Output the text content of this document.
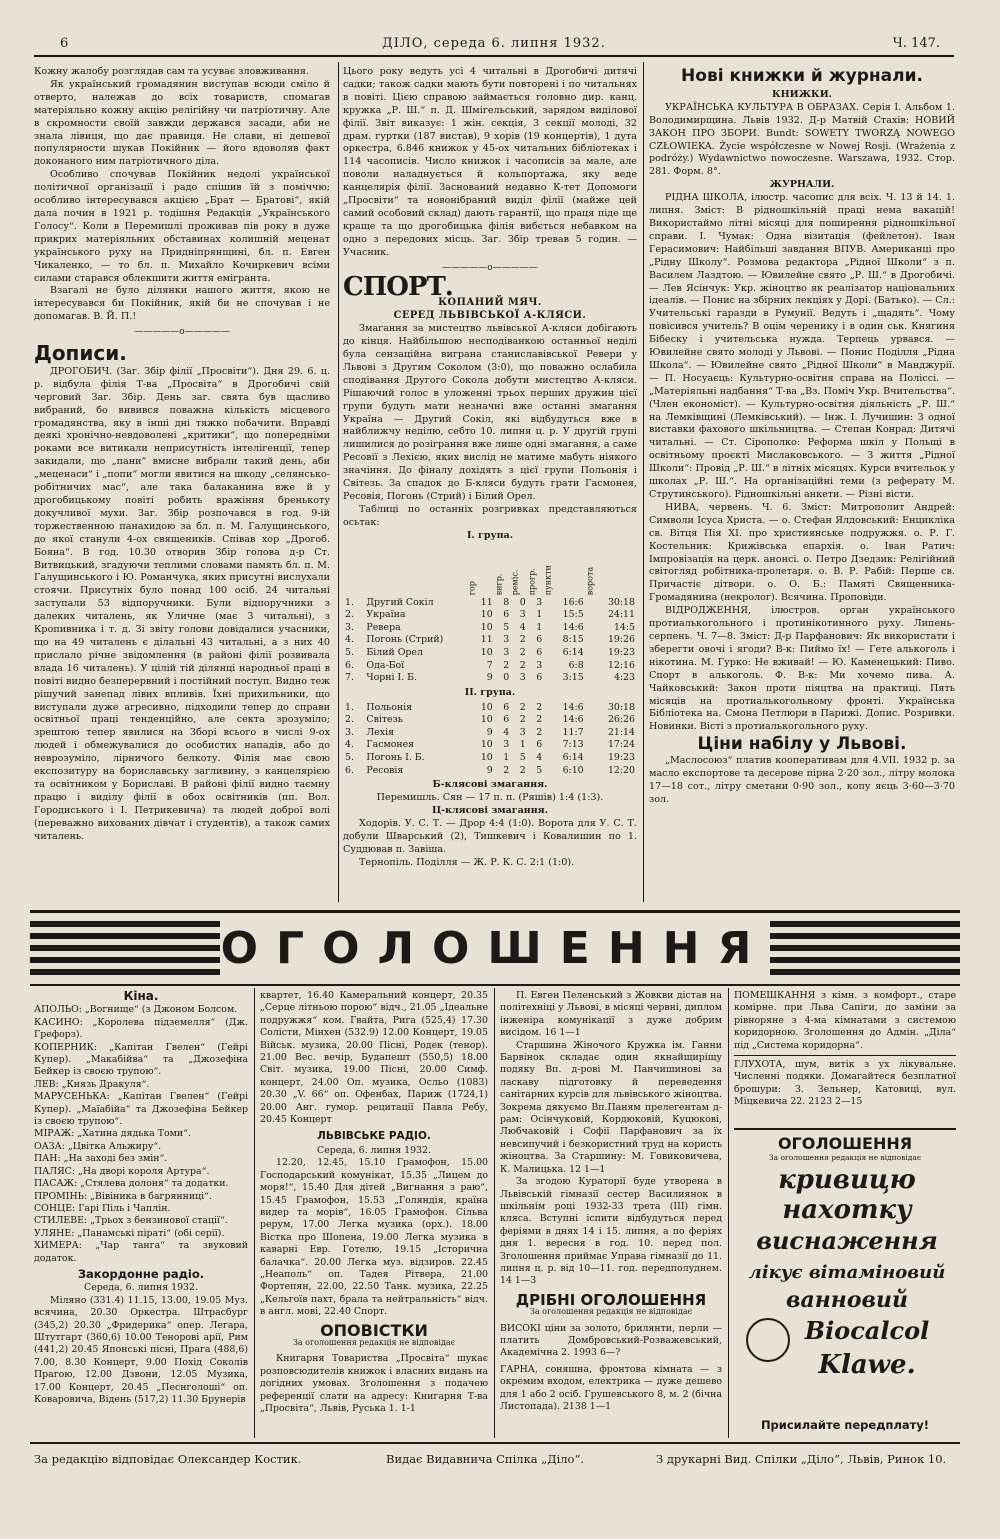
6	ДІЛО, середа 6. липня 1932.	Ч. 147.

Кожну жалобу розглядав сам та усуває зловживання.

Як український громадянин виступав всюди сміло й отверто, належав до всіх товариств, спомагав матеріяльно кожну акцію релігійну чи патріотичну. Але в скромности своїй завжди держався засади, аби не знала лівиця, що дає правиця. Не слави, ні дешевої популярности шукав Покійник — його вдоволяв факт доконаного ним патріотичного діла.

Особливо спочував Покійник недолі української політичної організації і радо спішив їй з поміччю; особливо інтересувався акцією „Брат — Братові“, якій дала почин в 1921 р. тодішня Редакція „Українського Голосу“. Коли в Перемишлі проживав пів року в дуже прикрих матеріяльних обставинах колишній меценат українського руху на Придніпрянщині, бл. п. Евген Чикаленко, — то бл. п. Михайло Кочиркевич всіми силами старався облекшити життя емігранта.

Взагалі не було ділянки нашого життя, якою не інтересувався би Покійник, якій би не спочував і не допомагав. В. Й. П.!

—————о—————
Дописи.

ДРОГОБИЧ. (Заг. Збір філії „Просвіти“). Дня 29. 6. ц. р. відбула філія Т-ва „Просвіта“ в Дрогобичі свій черговий Заг. Збір. День заг. свята був щасливо вибраний, бо вивився поважна кількість місцевого громадянства, яку в інші дні тяжко побачити. Вправді деякі хронічно-невдоволені „критики“, що попередніми роками все витикали неприсутність інтелігенції, тепер закидали, що „пани“ вмисне вибрали такий день, аби „меценаси“ і „попи“ могли явитися на шкоду „селянсько-робітничих мас“, але така балаканина вже й у дрогобицькому повіті робить вражіння бренькоту докучливої мухи. Заг. Збір розпочався в год. 9-ій торжественною панахидою за бл. п. М. Галущинського, до якої станули 4-ох священиків. Співав хор „Дрогоб. Бояна“. В год. 10.30 отворив Збір голова д-р Ст. Витвицький, згадуючи теплими словами память бл. п. М. Галущинського і Ю. Романчука, яких присутні вислухали стоячи. Присутніх було понад 100 осіб. 24 читальні заступали 53 відпоручники. Були відпоручники з далеких читалень, як Уличне (має 3 читальні), з Кропивника і т. д. Зі звіту голови довідалися учасники, що на 49 читалень є ділальні 43 читальні, а з них 40 прислало річне звідомлення (в районі філії розвивала влада 16 читалень). У цілій тій ділянці народньої праці в повіті видно безперервний і постійний поступ. Видно теж рішучий занепад лівих впливів. Їхні прихильники, що виступали дуже агресивно, підходили тепер до справи освітньої праці тенденційно, але секта зрозуміло; зрештою тепер явилися на Зборі всього в числі 9-ох людей і обмежувалися до особистих нападів, або до неврозуміло, лірничого белкоту. Філія має свою експозитуру на бориславську загливину, з канцелярією та освітником у Бориславі. В районі філії видно таємну працю і виділу філії в обох освітників (пп. Вол. Городиського і І. Петрикевича) та людей доброї волі (переважно вихованих дівчат і студентів), а також самих читалень.

Цього року ведуть усі 4 читальні в Дрогобичі дитячі садки; також садки мають бути повторені і по читальнях в повіті. Цією справою займається головно дир. канц. кружка „Р. Ш.“ п. Д. Шмігельський, зарядом виділової філії. Звіт виказує: 1 жін. секція, 3 секції молоді, 32 драм. гуртки (187 вистав), 9 хорів (19 концертів), 1 дута оркестра, 6.846 книжок у 45-ох читальних бібліотеках і 114 часописів. Число книжок і часописів за мале, але поволи наладнується й кольпортажа, яку веде канцелярія філії. Заснований недавно К-тет Допомоги „Просвіти“ та новонібраний виділ філії (майже цей самий особовий склад) дають гарантії, що праця піде ще краще та що дрогобицька філія вибється небавком на одно з передових місць. Заг. Збір тревав 5 годин. — Учасник.

—————о—————
СПОРТ.

КОПАНИЙ МЯЧ.

СЕРЕД ЛЬВІВСЬКОЇ А-КЛЯСИ.

Змагання за мистецтво львівської А-кляси добігають до кінця. Найбільшою несподіванкою останньої неділі була сензаційна виграна станиславівської Ревери у Львові з Другим Соколом (3:0), що поважно ослабила сподівання Другого Сокола добути мистецтво А-кляси. Рішаючий голос в уложенні трьох перших дружин цієї групи будуть мати незначні вже останні змагання Україна — Другий Сокіл, які відбудуться вже в найближчу неділю, себто 10. липня ц. р. У другій групі лишилися до розіграння вже лише одні змагання, а саме Ресовії з Лехією, яких вислід не матиме мабуть ніякого значіння. До фіналу дохідять з цієї групи Польонія і Світезь. За спадок до Б-кляси будуть грати Гасмонея, Ресовія, Погонь (Стрий) і Білий Орел.

Таблиці по останніх розгривках представляються осьтак:

І. група.
		гор	вигр.	реміс.	прогр.	пункти	ворота
1.	Другий Сокіл	11	8	0	3	16:6	30:18
2.	Україна	10	6	3	1	15:5	24:11
3.	Ревера	10	5	4	1	14:6	14:5
4.	Погонь (Стрий)	11	3	2	6	8:15	19:26
5.	Білий Орел	10	3	2	6	6:14	19:23
6.	Ода-Бої	7	2	2	3	6:8	12:16
7.	Чорні І. Б.	9	0	3	6	3:15	4:23
ІІ. група.
1.	Польонія	10	6	2	2	14:6	30:18
2.	Світезь	10	6	2	2	14:6	26:26
3.	Лехія	9	4	3	2	11:7	21:14
4.	Гасмонея	10	3	1	6	7:13	17:24
5.	Погонь І. Б.	10	1	5	4	6:14	19:23
6.	Ресовія	9	2	2	5	6:10	12:20
Б-клясові змагання.

Перемишль. Сян — 17 п. п. (Ряшів) 1:4 (1:3).

Ц-клясові змагання.

Ходорів. У. С. Т. — Дрор 4:4 (1:0). Ворота для У. С. Т. добули Шварський (2), Тишкевич і Ковалишин по 1. Суддював п. Завіша.

Тернопіль. Поділля — Ж. Р. К. С. 2:1 (1:0).

Нові книжки й журнали.
КНИЖКИ.

УКРАЇНСЬКА КУЛЬТУРА В ОБРАЗАХ. Серія І. Альбом 1. Володимирщина. Львів 1932. Д-р Матвій Стахів: НОВИЙ ЗАКОН ПРО ЗБОРИ. Bundt: SOWETY TWORZĄ NOWEGO CZŁOWIEKA. Życie współczesne w Nowej Rosji. (Wrażenia z podróży.) Wydawnictwo nowoczesne. Warszawa, 1932. Стор. 281. Форм. 8°.

ЖУРНАЛИ.

РІДНА ШКОЛА, ілюстр. часопис для всіх. Ч. 13 й 14. 1. липня. Зміст: В рідношкільній праці нема вакацій! Використаймо літні місяці для поширення рідношкільної справи. І. Чумак: Одна візитація (фейлетон). Іван Герасимович: Найбільші завдання ВПУВ. Американці про „Рідну Школу“. Розмова редактора „Рідної Школи“ з п. Василем Лаздтою. — Ювилейне свято „Р. Ш.“ в Дрогобичі. — Лев Ясінчук: Укр. жіноцтво як реалізатор національних ідеалів. — Понис на збірних лекціях у Дорі. (Батько). — Сл.: Учительські гаразди в Румунії. Ведуть і „щадять“. Чому повісився учитель? В оцім черенику і в один ськ. Княгиня Бібеску і учительська нужда. Терпець урвався. — Ювилейне свято молоді у Львові. — Понис Поділля „Рідна Школа“. — Ювилейне свято „Рідної Школи“ в Манджурії. — П. Носуаєць: Культурно-освітня справа на Поліссі. — „Матеріяльні надбання“ Т-ва „Вз. Поміч Укр. Вчительства“. (Член економіст). — Культурно-освітня діяльність „Р. Ш.“ на Лемківщині (Лемківський). — Інж. І. Лучишин: З одної виставки фахового шкільництва. — Степан Конрад: Дитячі читальні. — Ст. Сірополко: Реформа шкіл у Польщі в освітньому проєкті Мислаковського. — З життя „Рідної Школи“: Провід „Р. Ш.“ в літніх місяцях. Курси вчительок у школах „Р. Ш.“. На організаційні теми (з реферату М. Струтинського). Рідношкільні анкети. — Різні вісти.

НИВА, червень. Ч. 6. Зміст: Митрополит Андрей: Символи Ісуса Христа. — о. Стефан Ялдовський: Енцикліка св. Вітця Пія ХІ. про християнське подружжя. о. Р. Г. Костельник: Крижівська епархія. о. Іван Ратич: Імпровізація на церк. анонсі. о. Петро Дзедзик: Релігійний світогляд робітника-пролетаря. о. В. Р. Рабій: Перше св. Причастіє дітвори. о. О. Б.: Памяті Священника-Громадянина (некролог). Всячина. Проповіди.

ВІДРОДЖЕННЯ, ілюстров. орган українського протиалькогольного і протинікотинного руху. Липень-серпень. Ч. 7—8. Зміст: Д-р Парфанович: Як використати і зберегти овочі і ягоди? В-к: Пиймо їх! — Гете алькоголь і нікотина. М. Гурко: Не вживай! — Ю. Каменецький: Пиво. Спорт в алькоголь. Ф. В-к: Ми хочемо пива. А. Чайковський: Закон проти піяцтва на практиці. Пять місяців на протиалькогольному фронті. Українська Бібліотека на. Смона Петлюри в Парижі. Допис. Розривки. Новинки. Вісті з протиалькогольного руху.

Ціни набілу у Львові.

„Маслосоюз“ платив кооперативам для 4.VII. 1932 р. за масло експортове та десерове пірна 2·20 зол., літру молока 17—18 сот., літру сметани 0·90 зол., копу яєць 3·60—3·70 зол.

ОГОЛОШЕННЯ
Кіна.
АПОЛЬО: „Вогнище“ (з Джоном Болсом.
КАСИНО: „Королева підземелля“ (Дж. Грефорз).
КОПЕРНИК: „Капітан Гвелен“ (Гейрі Купер). „Макабійва“ та „Джозефіна Бейкер із своєю трупою“.
ЛЕВ: „Князь Дракуля“.
МАРУСЕНЬКА: „Капітан Гвелен“ (Гейрі Купер). „Маїабійа“ та Джозефіна Бейкер із своєю трупою“.
МІРАЖ: „Хатинa дядька Томи“.
ОАЗА: „Цвітка Альжиру“.
ПАН: „На заході без змін“.
ПАЛЯС: „На дворі короля Артура“.
ПАСАЖ: „Стялева долоня“ та додатки.
ПРОМІНЬ: „Вівіника в багрянниці“.
СОНЦЕ: Гарі Піль і Чаплін.
СТИЛЕВЕ: „Трьох з бензинової стації“.
УЛЯНЕ: „Панамські піраті“ (обі серії).
ХИМЕРА: „Чар танга“ та звуковий додаток.
Закордонне радіо.
Середа, 6. липня 1932.

Міляно (331.4) 11.15, 13.00, 19.05 Муз. всячина, 20.30 Оркестра. Штрасбург (345,2) 20.30 „Фридерика“ опер. Легара, Штутгарт (360,6) 10.00 Тенорові арії, Рим (441,2) 20.45 Японські пісні, Прага (488,6) 7.00, 8.30 Концерт, 9.00 Похід Соколів Прагою, 12.00 Дзвони, 12.05 Музика, 17.00 Концерт, 20.45 „Песнголоші“ оп. Коваровича, Відень (517,2) 11.30 Брунерів

квартет, 16.40 Камеральний концерт, 20.35 „Серце літньою порою“ відч., 21.05 „Ідеальне подружжя“ ком. Гвайта, Рига (525,4) 17.30 Солісти, Мінхен (532.9) 12.00 Концерт, 19.05 Військ. музика, 20.00 Пісні, Родек (тенор). 21.00 Вес. вечір, Будапешт (550,5) 18.00 Світ. музика, 19.00 Пісні, 20.00 Симф. концерт, 24.00 Оп. музика, Осльо (1083) 20.30 „V. 66“ оп. Офенбах, Париж (1724,1) 20.00 Анг. гумор. рецитації Павла Ребу, 20.45 Концерт

ЛЬВІВСЬКЕ РАДІО.
Середа, 6. липня 1932.

12.20, 12.45, 15.10 Грамофон, 15.00 Господарський комунікат, 15.35 „Лицем до моря!“, 15.40 Для дітей „Вигнання з раю“, 15.45 Грамофон, 15.53 „Голяндія, країна видер та морів“, 16.05 Грамофон. Сільва рерум, 17.00 Легка музика (орх.). 18.00 Вістка про Шопена, 19.00 Легка музика в каварні Евр. Готелю, 19.15 „Історична балачка“. 20.00 Легка муз. відзиров. 22.45 „Неаполь“ оп. Тадея Рітвера, 21.00 Фортепян, 22.00, 22.50 Танк. музика, 22.25 „Кельгоїв пахт, брала та нейтральність“ відч. в англ. мові, 22.40 Спорт.

ОПОВІСТКИ
За оголошення редакція не відповідає

Книгарня Товариства „Просвіта“ шукає розповсюдителів книжок і власних видань на догідних умовах. Зголошення з подачею референції слати на адресу: Книгарня Т-ва „Просвіта“, Львів, Руська 1. 1-1

П. Евген Пеленський з Жовкви дістав на політехніці у Львові, в місяці червні, диплом інженіра комунікації з дуже добрим висідом. 16 1—1

Старшина Жіночого Кружка ім. Ганни Барвінок складає один якнайщиріщу подяку Вп. д-рові М. Панчишинові за ласкаву підготовку й переведення санітарних курсів для львівського жіноцтва. Зокрема дякуємо Вп.Паням прелегентам д-рам: Осінчуковій, Кордюковій, Куцюкові, Любчаковій і Софії Парфанович за їх невсипучий і безкористний труд на користь жіноцтва. За Старшину: М. Говиковичева, К. Малицька. 12 1—1

За згодою Кураторії буде утворена в Львівській гімназії сестер Василиянок в шкільнім році 1932-33 трета (ІІІ) гімн. кляса. Вступні іспити відбудуться перед феріями в днях 14 і 15. липня, а по феріях дня 1. вересня в год. 10. перед пол. Зголошення приймає Управа гімназії до 11. липня ц. р. від 10—11. год. передполуднем. 14 1—3

ДРІБНІ ОГОЛОШЕННЯ
За оголошення редакція не відповідає

ВИСОКІ ціни за золото, брилянти, перли — платить Домбровський-Розважевський, Академічна 2. 1993 6—?

ГАРНА, соняшна, фронтова кімната — з окремим входом, електрика — дуже дешево для 1 або 2 осіб. Грушевського 8, м. 2 (бічна Листопада). 2138 1—1

ПОМЕШКАННЯ з кімн. з комфорт., старе комірне. при Льва Сапіги, до заміни за рівноряне з 4-ма кімнатами з системою коридорною. Зголошення до Адмін. „Діла“ під „Система коридорна“.

ГЛУХОТА, шум, витік з ух лікувальне. Численні подяки. Домагайтеся безплатної брошури: З. Зельнер, Катовиці, вул. Міцкевича 22. 2123 2—15

ОГОЛОШЕННЯ
За оголошення редакція не відповідає
кривицю
нахотку
виснаження
лікує вітаміновий
ванновий
Biocalcol
Klawe.
Присилайте передплату!
За редакцію відповідає Олександер Костик.	Видає Видавнича Спілка „Діло“.	З друкарні Вид. Спілки „Діло“, Львів, Ринок 10.
